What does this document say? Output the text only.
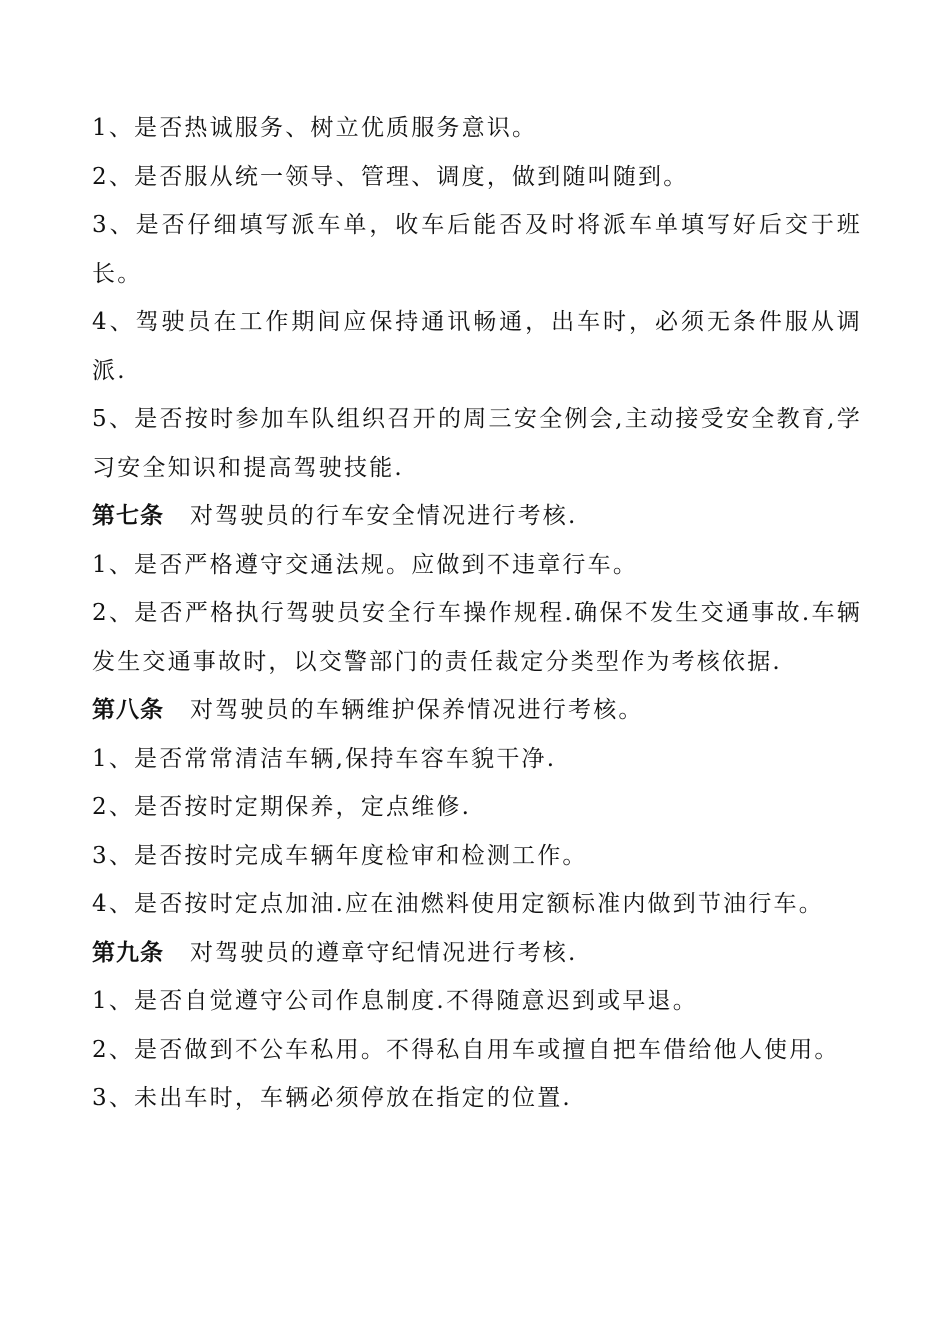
1、是否热诚服务、树立优质服务意识。

2、是否服从统一领导、管理、调度，做到随叫随到。

3、是否仔细填写派车单，收车后能否及时将派车单填写好后交于班长。

4、驾驶员在工作期间应保持通讯畅通，出车时，必须无条件服从调派.

5、是否按时参加车队组织召开的周三安全例会,主动接受安全教育,学习安全知识和提高驾驶技能.

第七条 对驾驶员的行车安全情况进行考核.

1、是否严格遵守交通法规。应做到不违章行车。

2、是否严格执行驾驶员安全行车操作规程.确保不发生交通事故.车辆发生交通事故时，以交警部门的责任裁定分类型作为考核依据.

第八条 对驾驶员的车辆维护保养情况进行考核。

1、是否常常清洁车辆,保持车容车貌干净.

2、是否按时定期保养，定点维修.

3、是否按时完成车辆年度检审和检测工作。

4、是否按时定点加油.应在油燃料使用定额标准内做到节油行车。

第九条 对驾驶员的遵章守纪情况进行考核.

1、是否自觉遵守公司作息制度.不得随意迟到或早退。

2、是否做到不公车私用。不得私自用车或擅自把车借给他人使用。

3、未出车时，车辆必须停放在指定的位置.
